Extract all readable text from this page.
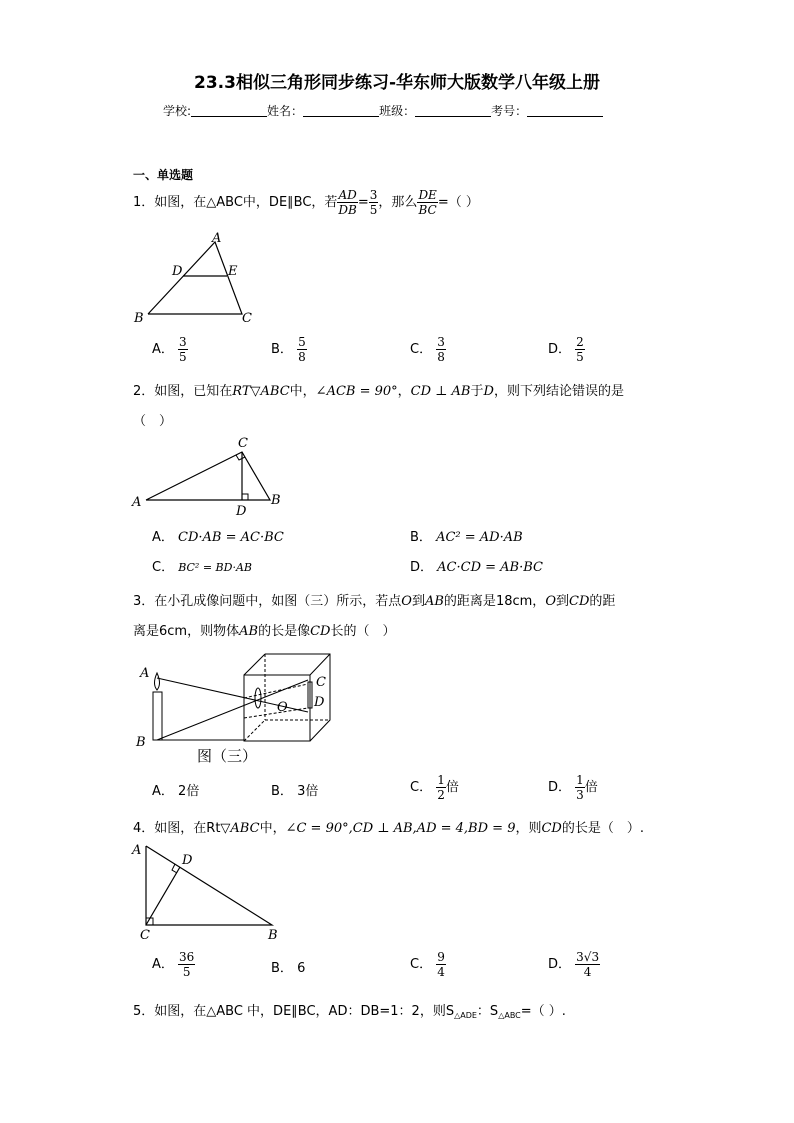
23.3相似三角形同步练习-华东师大版数学八年级上册
学校:	姓名：	班级：	考号：
一、单选题
1．如图，在△ABC中，DE∥BC，若 $\frac{AD}{DB} = \frac{3}{5}$ ，那么 $\frac{DE}{BC}$ =（ ）
A
B	C
D	E
A． $\frac{3}{5}$	B． $\frac{5}{8}$	C． $\frac{3}{8}$	D． $\frac{2}{5}$
2．如图，已知在RT▽ABC中，∠ACB = 90°，CD ⊥ AB于D，则下列结论错误的是
（　）
A	B
C
D
A． CD·AB = AC·BC	B． AC² = AD·AB
C． BC² = BD·AB	D． AC·CD = AB·BC
3．在小孔成像问题中，如图（三）所示，若点O到AB的距离是18cm，O到CD的距
离是6cm，则物体AB的长是像CD长的（　）
A
B
C
D
O
图（三）
A． 2倍	B． 3倍	C． $\frac{1}{2}$ 倍	D． $\frac{1}{3}$ 倍
4．如图，在Rt▽ABC中，∠C = 90°,CD ⊥ AB,AD = 4,BD = 9，则CD的长是（　）.
A
B
C
D
A． $\frac{36}{5}$	B． 6	C． $\frac{9}{4}$	D． $\frac{3√3}{4}$
5．如图，在△ABC 中，DE∥BC，AD：DB=1：2，则$S_{\triangle ADE}$：$S_{\triangle ABC}=$（ ）.
